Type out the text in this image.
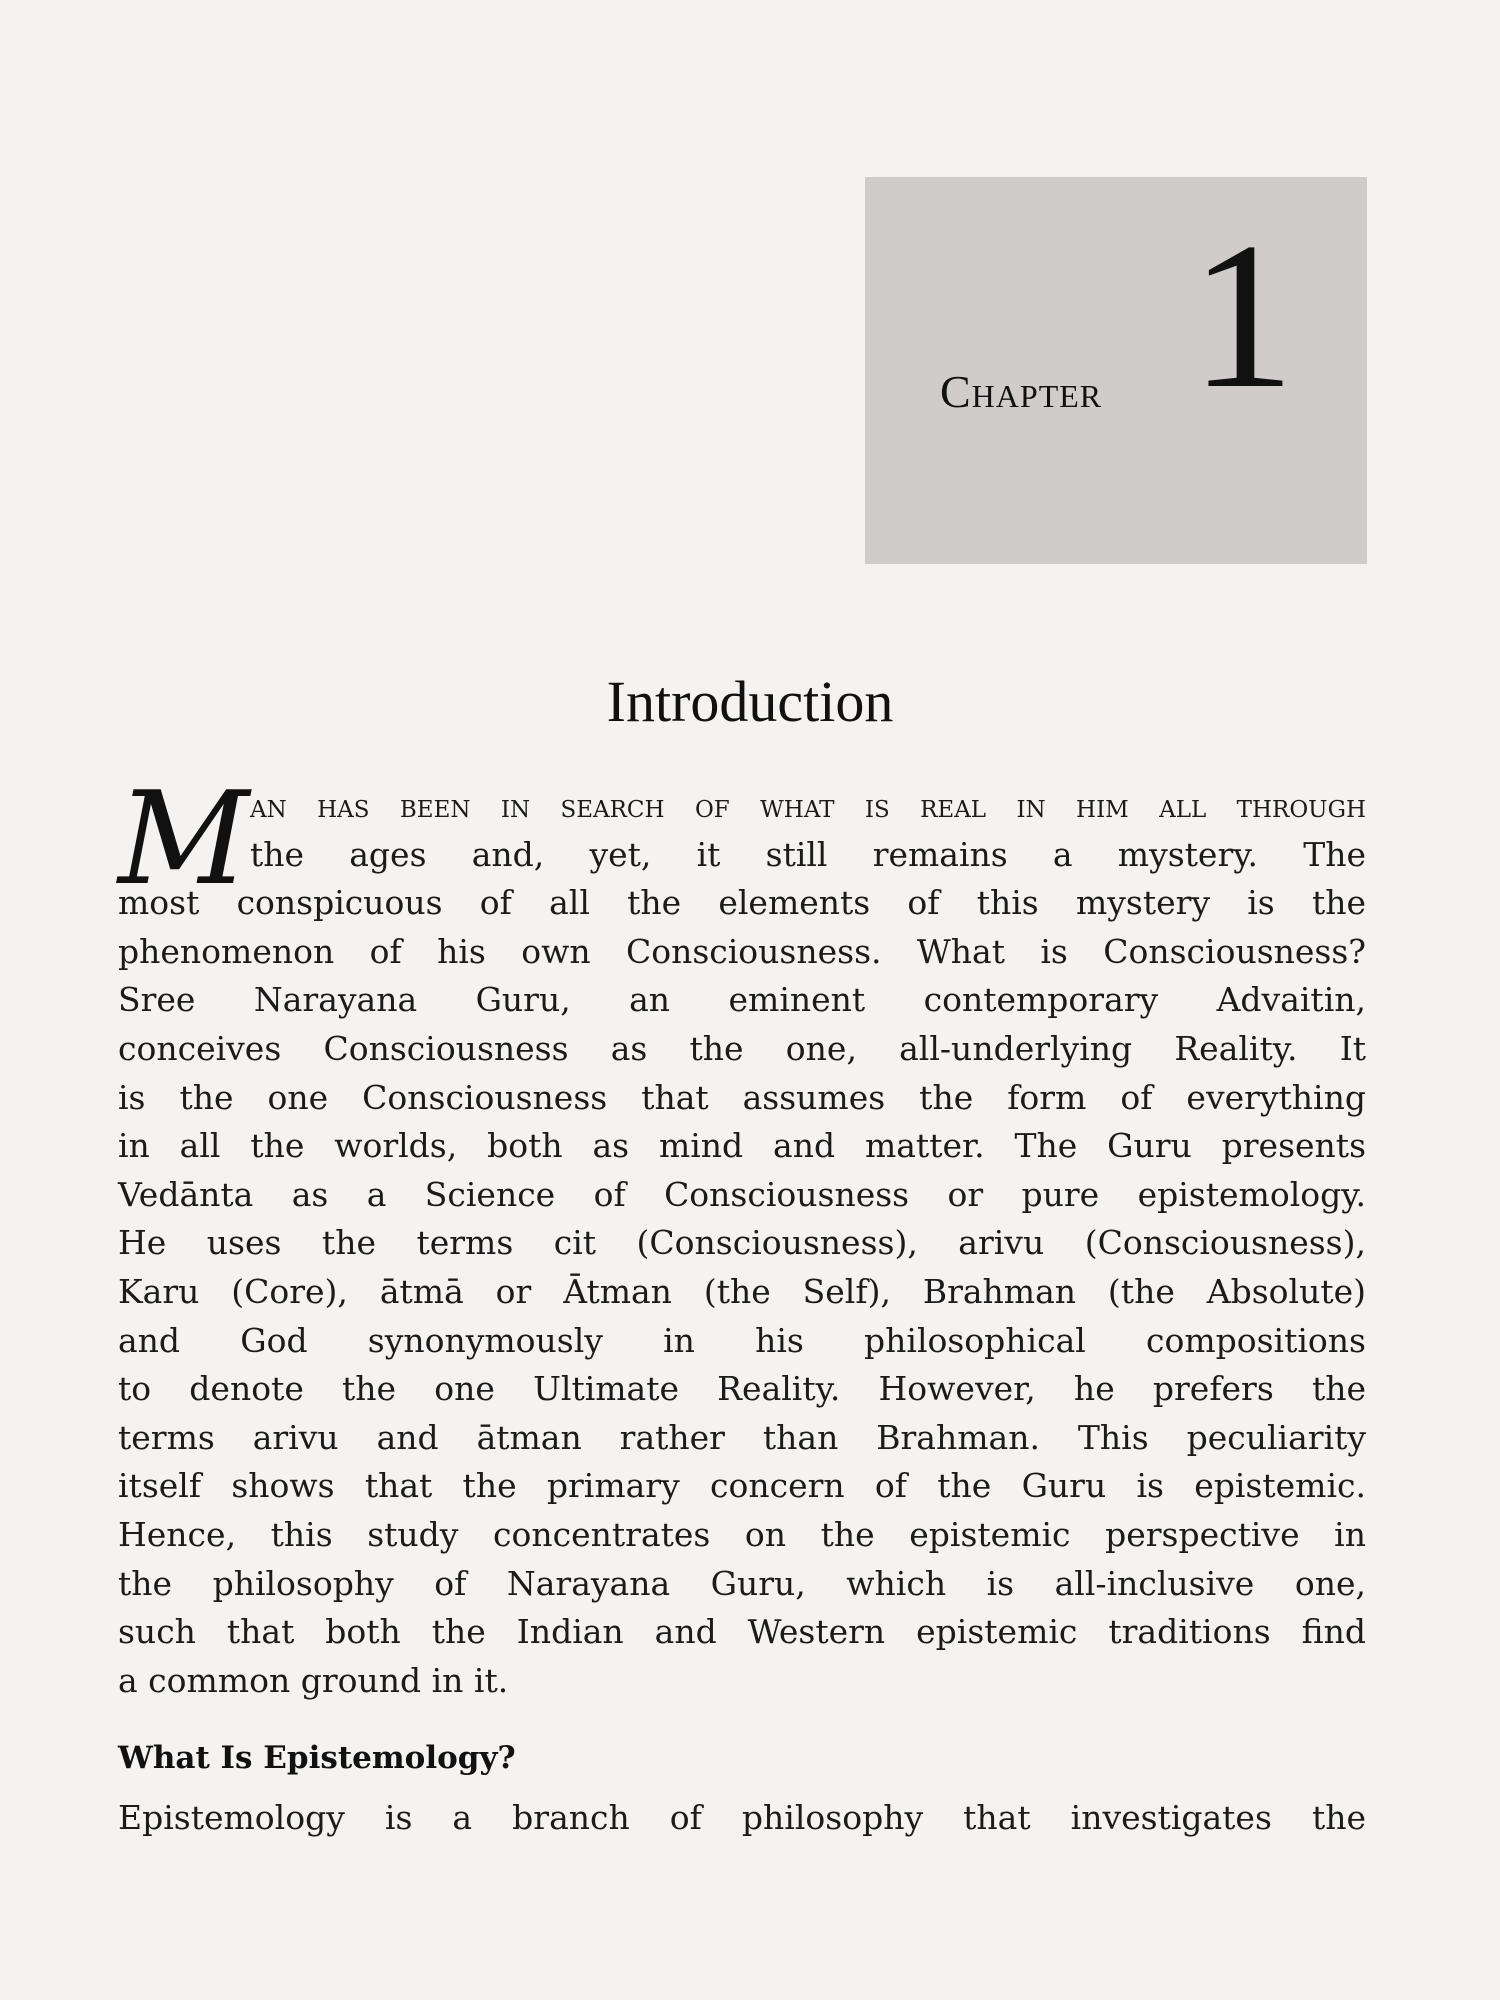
Chapter 1
Introduction
M an has been in search of what is real in him all through
the ages and, yet, it still remains a mystery. The
most conspicuous of all the elements of this mystery is the
phenomenon of his own Consciousness. What is Consciousness?
Sree Narayana Guru, an eminent contemporary Advaitin,
conceives Consciousness as the one, all-underlying Reality. It
is the one Consciousness that assumes the form of everything
in all the worlds, both as mind and matter. The Guru presents
Vedānta as a Science of Consciousness or pure epistemology.
He uses the terms cit (Consciousness), arivu (Consciousness),
Karu (Core), ātmā or Ātman (the Self), Brahman (the Absolute)
and God synonymously in his philosophical compositions
to denote the one Ultimate Reality. However, he prefers the
terms arivu and ātman rather than Brahman. This peculiarity
itself shows that the primary concern of the Guru is epistemic.
Hence, this study concentrates on the epistemic perspective in
the philosophy of Narayana Guru, which is all-inclusive one,
such that both the Indian and Western epistemic traditions find
a common ground in it.
What Is Epistemology?
Epistemology is a branch of philosophy that investigates the
